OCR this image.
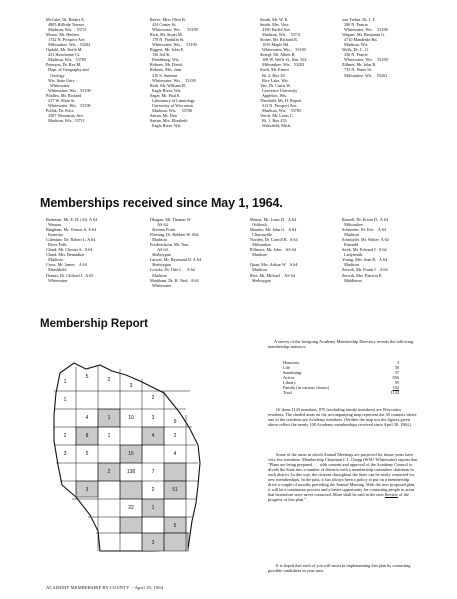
McCabe, Dr. Robert A.
4805 Hillside Terrace
Madison, Wis.    53711
Moore, Mr. Herbert
1742 N. Prospect Ave.
Milwaukee, Wis.   53202
Opdahl, Mr. Keith M.
431 Hawthorne Ct.
Madison, Wis.   53705
Peterson, Dr. Rex M.
Dept. of Geography and
Geology
Wis. State Univ. -
Whitewater
Whitewater, Wis.   53190
Pfadlex, Mr. Richard
417 W. Main St.
Whitewater, Wis.   53190
Pollak, Dr. Felix
3507 Winnemac Ave.
Madison, Wis., 53711
Reeve, Miss Olive R.
424 Center St.
Whitewater, Wis.      53190
Rich, Mr. Stuart M.
178 N. Franklin St.
Whitewater, Wis.,    53190
Riggert, Mr. John E.
136 3rd St.
Reedsburg, Wis.
Roberts, Mr. David
Roberts, Mrs. Jane
216 S. Summit
Whitewater, Wis.    53190
Roth, Mr. William H.
Eagle River, Wis.
Sager, Mr. Paul E.
Laboratory of Limnology
University of Wisconsin
Madison, Wis.     53706
Satran, Mr. Dan
Satran, Mrs. Elizabeth
Eagle River, Wis.
Smith, Mr. W. K
Smith, Mrs. Vera
4190 Euclid Ave.
Madison, Wis.    53711
Stoner, Mr. Richard R.
1019 Maple Rd.
Whitewater, Wis.,   53190
Striegl, Mr. Albert R.
108 W. Wells St., Rm. 352
Milwaukee, Wis.   53203
Swift, Mr. Ernest
Bt. 2, Box 20
Rice Lake, Wis.
Tarr, Dr. Curtis W.
Lawrence University
Appleton, Wis.
Theobald, Mr. H. Rupert
312 N. Prospect Ave.
Madison, Wis.    53705
Veech, Mr. Louis C.
Rt. 1, Box 453
Wakefield, Mich.
von Trebra, Dr. J. T.
280 N. Prairie
Whitewater, Wis.    53190
Wagner, Mr. Benjamin G.
4710 Mandrake Rd.
Madison, Wis.
Wells, Dr. C. O.
336 N. Prairie
Whitewater, Wis.    53190
Zillmer, Mr. John R.
735 N. Water St.
Milwaukee, Wis.    53202
Memberships received since May 1, 1964.
Berkman, Mr. E. H. (Al)  A 64
Wausau
Bingham, Mr. Vernon A. A 64
Kenosha
Calentine, Dr. Robert L. A 64
River Falls
Chard, Mr. Chester S.  A 64
Chard, Mrs. Bernadine
Madison
Cross, Mr. James    A 64
Marshfield
Dennis, Dr. Clifford J.  A 65
Whitewater
Dhagon, Mr. Thomas W.
AS 64
Stevens Point
Fleming, Dr. Robben W. S64
Madison
Frederickson, Mr. Tom
AS 64
Sheboygan
Larson, Mr. Raymond D. A 64
Sheboygan
Loucks, Dr. Orie L.    A 64
Madison
Markham, Dr. H. Neal   A 64
Whitewater
Mason, Mr. Louis D.   A 64
Oshkosh
Mauritz, Mr. John G.   A 64
Clintonville
Norden, Dr. Carroll R.  A 64
Milwaukee
Pillmore, Mr. John    AS 64
Madison

Quan, Mrs. Arthur W.   A 64
Madison
Ries, Mr. Michael    AS 64
Sheboygan
Russell, Dr. Erwin D.  A 64
Milwaukee
Schneider, Dr. Eric    A 64
Madison
Schnitzler, Mr. Walter  A 64
Emerald
Sirek, Mr. Edward J.  A 64
Ladysmith
Young, Mrs. Jean R.   A 64
Madison
Zerwik, Mr. Frank J.   A 64
Zerwik, Mrs. Patricia E.
Middleton
Membership Report
1
5	2
3
2
1
4	1	10	3
6
2	8	1	4	2
3	5	15	4
2	138	7
3	2	51
22	1
5
3
ACADEMY MEMBERSHIP BY COUNTY  - April 30, 1964
A survey of the foregoing Academy Membership Directory reveals the following membership statistics:
Honorary	3
Life	50
Sustaining	37
Active	856
Library	95
Family (in various classes)	102
Total	1143
Of these 1143 members, 870 (excluding family members) are Wisconsin residents. The shaded areas on the accompanying map represent the 30 counties where one of the residents are Academy members. (Neither the map nor the figures given above reflect the nearly 100 Academy memberships received since April 30, 1964.)
Some of the areas in which Annual Meetings are projected for future years have very few members. Membership Chairman J. J. Chopp (WSU-Whitewater) reports that "Plans are being prepared . . . with consent and approval of the Academy Council to divide the State into a number of districts with a membership committee chairman in each district. In this way, the citizens throughout the State can be easily contacted for new memberships. In the past, it has always been a policy to put on a membership drive a couple of months preceding the Annual Meeting. With the new proposed plan, it will be a continuous process and a better opportunity for contacting people in areas that heretofore were never contacted. More shall be said in the next Review of the progress of this plan."
It is hoped that each of you will assist in implementing this plan by contacting possible candidates in your area.
